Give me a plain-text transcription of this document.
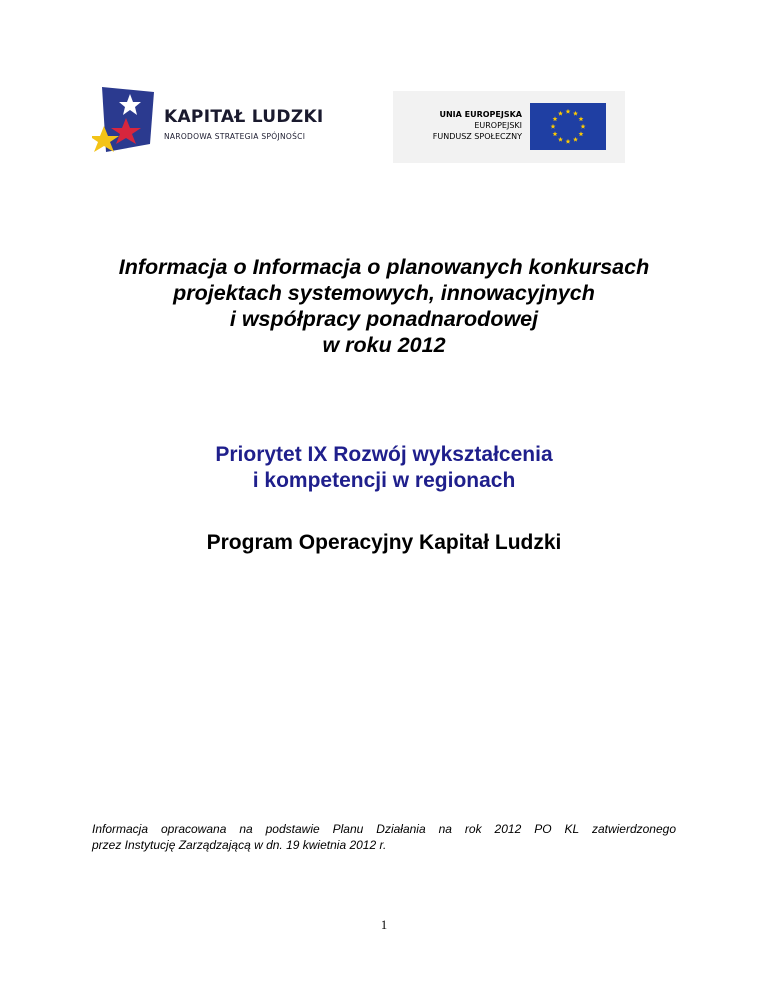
KAPITAŁ LUDZKI
NARODOWA STRATEGIA SPÓJNOŚCI
UNIA EUROPEJSKA
EUROPEJSKI
FUNDUSZ SPOŁECZNY
Informacja o Informacja o planowanych konkursach
projektach systemowych, innowacyjnych
i współpracy ponadnarodowej
w roku 2012
Priorytet IX Rozwój wykształcenia
i kompetencji w regionach
Program Operacyjny Kapitał Ludzki
Informacja opracowana na podstawie Planu Działania na rok 2012 PO KL zatwierdzonego
przez Instytucję Zarządzającą w dn. 19 kwietnia 2012 r.
1
